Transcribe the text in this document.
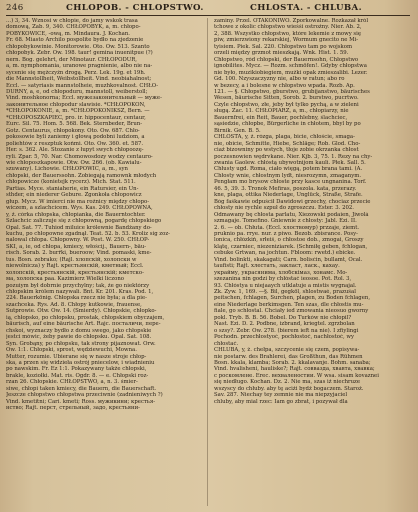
246	CHLOPOB. - CHLOPSTWO.	CHLOSTA. - CHLUBA.
...) 3, 34. Wznosi w chłopie, do jamy wskok trasa
domową, Zab. 9, 340. CHŁOPOBYK, a, m. chłopo-
POBYKOWICE, -ową, m. Mindaura. J. Kochan.
Fr. 68. Miasto Archilo pospolite bydło na zjedzenie
chłopobykowinie. Monitorowie. Oto. Ow. 513. Szanto
chłopobyk. Zebr. Ow. 198. taur! gemina inuenitpue (?)
nern. Bog. gelehrt, der Minotaur. CHŁOPODUR,
a, m. nymphomania, uranowe pragnienie, albo nie na-
sycenie się mężczyźn drogą. Perz. Lek. 19g. et 19h.
die Mannstollheit, Weibstollheit. Vind. neobiahalnost;
Eccl. — satyriasis mannstolheie, muzhkovalnost. CHŁO-
DURNY, a, e, od chłopoduru, mannstoll, weiberstoll;
Vind. moshkonorna; Eccl. мужезаконительный — муже-
законительное chłopodur slawisie. *CHŁOPOKON,
*CHŁOPOKONIE, a, m. *CHŁOPOKONIKSZ, Bern. —
*CHŁOPOSZKAPIEC, pro. ir. hippocentaur, centaur,
Eurc. Sil. 75. Hom. 5. 568. Bek. Sternbeder, Brun-
Gotz. Centaurus, chłopokony. Oto. Ow. 687. Chło-
pokosowie byli zaniemy i głową podobni ludziom, a
poliehtów z reszptuk końmi. Oto. Ow. 360. et. 587.
Her. s. 362. Ale. Stozanie z łupyt swych chłopoozę-
ryli. Zpar. 5, 70. Nar. Chomowosdozy wodzy centauro-
wie chłoposzkapowie. Otw. Ow. 266. (ob. Kawialu-
szuwany). Lichowie. CHŁOPOWIĆ, a, m., syn
chłopski, der Bauerssohn. Zobiegają ramownk młodych
chłopowicze (konietejk rycerz). Mich. Stat. 511.
Partias. Myce. staniaherie, ein Ratursier, ein Un-
sthder, ein niederer Gebure. Zgonkoła chłopowicz
głup. Mycz. W imierci nie ma rożnicy między chłopo-
wiczem, a szlachcicem. Wys. Kas. 249. CHŁOPOWNA,
y, ż. córka chłopska, chłopianka, die Bauerntochter.
Szlachcic zaliczuje się z chłopowną, pogardę chłopskiego
Opal. Sat. 77. Tuhiod miluice królewnie Bandżany do-
kuchu, po chłopowne zgadnął. Teat. 52. b. 53. Kroliz sig zoz-
nalowal chłopa. Chłopowny. W. Post. W. 250. CHŁOP-
SKI, a, ie, od chłopa, kmiecy, włościj., Bauern-, bäu-
risch. Sorab. 2. burřki, bueroow; Vind. pomaski, kme-
tus. Bosn. zebrako; (Rajl. хлопскій, холопски w
niewolnicza) y Rajt. крестьянскій, кметный; Eccl.
холопскій, крестьянскій, крестьянскій; кметско-
ма, холопска раа. Kazimierz Wielki liczono
pozuiym był dobrnie przychylny; tak, że go niektórzy
chłopskim królem nazywali. Bnt. Kr. 201. Kras. Pod. 1,
224. Bauerkönig. Chłopska rzecz nie była; a dla pie-
szachceka. Rys. Ad. 8. Chłopy kutkowie, frauense,
Sutprowie. Otw. Ow. 14. (Śmierdy). Chłopskie, chłopko-
ią, chłopsko, po chłopsku, prostak, chłopskiem obyczajem,
bäurisch, auf eine bäurische Art. Rajc. посталичи, пере-
chskoi, wyznaczy bydło z domu swego, jako chłopskie
jestci mówic, żeby pawie do chłopsku. Opal. Sat. 108.
Syn. Grobąny, po chłopsku, tak strony pijaznowat. Orw.
Ow. 1:1. Chłopski, sprost, wędziewuchi, Mowna.
Mutter, rozumie. Ubierane się w nasze stroje chłop-
ska, a przen się widzieła ostrój pniecelow, i wiadnieniu
po nawskim. Fr. Ez 1:1. Pokazywany także chłopski,
brakle, koziołki. Mat. ris. Ogdr. 8. — e. Chłopski roz-
rzan 26. Chłopskie. CHŁOPSTWO, a, n. 3. śmier-
siwe, chłopi taken kmiecy, die Bauern, die Bauerschaft.
Jeszcze chłopstwo chłopstwa przeciwnie (zadnieniwych ?)
Vind. kmetitni; Cari. kmeti; Ross. мужикини; крестья-
нство; Rajt. перст, стрельный, задо, крестьяни-
zaminy. Przel. OTAKONIWO. Zporkowalne. Rozkazał król
tchowe z okolic chłopstwo wieśśi ostrożny. Nier. Ab. 2,
2, 388. Wszystko chłopstwo, które lekemie z mowy się
piw, zmierzwiony rekarskiej, Wormum gnecito ne Mi-
tyisiem. Piek. Sal. 220. Chłopstwo tam po wojskom
orzeli między grzmot mieszkają. Wnk. Hist. 1. 59.
Chłopstwo, ród chłopski, der Bauernsohn, Chłopstwo
ignobilites. Mycz. — Rozm. schmöfen!. Gdyby chłopstwa
nie było, muzikiobiegiem, mużki opak zmieszalibi. Lezer.
Gd. 100. Nzyszaczyzny nie, albo w ratun; abo ro
w bezecy, a i bolesne w chłopstwo wpada. Rozb. Ap.
121. — §. Chłopstwo, gburstwo, grubijanstwo, bäurisches
Wesen, bäurische Sitten, Sorob. 2. burstwo, pucrtwo.
Czyle chłopstwo, złe, jeby był tylko pychą, a w zieleni
sługą. Zac. 11. CHŁOPIARZ, a, m., chłopiarzy, nie
Bauernfrei, ein Reit, Bauer, pochlebny, ślachciec,
sąsiedzie, chłopbe, Bürgerliche in chłotem, bbyl by po
Birnik. Gen. B. 5.
CHLOSTA, y, ż. rózga, plaga, bicie, chłoście, smaga-
nie, obicie, Schmitte, Hiebe, Schläge; Rob. Glod. Cho-
ciaż bizowniny po wstych, tłoje zobie okrzanka chłost
poczesnowien wędrvkane. Nier. Kjb. 3, 75. 1. Rezy na chy-
zwania Gaolew. chłóstą ubywotnijom kauli. Płek. Sall. 5.
Chłusty ugd. Roma, ciało więgą, potem brana tami. (A.
Chłosty wnie, chłostnym lydt, niesrozymn, zmaganym.
Pengłam mo brysow chłoste przy kasce ungnanina. Torf.
46. 5, 39. 3. Tronok Mefiras, poszola. kata, przerazy.
kne, plaga, ottika Niederlage, Unglück, Straße, Strafe.
Bóg faśkawie odpuścił Dawidowi grzechy, chociaz przecie
chłosty nie rychle szpuł do zgroszczu. Ester. 3. 202.
Odmawany bę chłosta parlatu, Xiezowski podaien, Jiwolá
szmagaje. Tomefino. Gniewnie z chłosty: Jabl. Ezi. II.
2. 6. — ob. Chłuta. (Eccl. хлоствомуp) przzaje, ziemt.
pruknio pa. rrye. nur. z piwo. Bezob. zbisrance. Posy-
lonica, chłózkiń, srłeiŝ, o chłostoe dob., zmogai, Groszy
klątę, czarniec, niezeniziarek. (Schmiłę geben, fchlogan,
cebuke Grtwan, na jochtun. Fbloom: rwetd.) ebicke.
Vind. bolinkti, skakagati; Carn. bolisćin, bullamt, Ocal.
taufisti; Rajt. хлестать, закласт, ласк., кахау.
украйму, украсянима, хлобскімаз, хонамс. Mo-
szezanina nin godzi by chłóstać ieosoe. Pot. Rol. 3,
93. Chłóstya u niejaaych utklatuje a mistis wygnajal.
Zk. Zyw. 1, 169. —§. Bil, gegköl, shlostwaé, prazuŝal
peitschen, fchlagen, Surchen, plagen, zu Boden fchlagen,
eine Niederlage berkimsgen. Ten szas, dle chłostis mu-
fiale, go schłostal. Chciały ied zmowania nieosuo gworny
pokl. Tryb. B. B. 56. Bobel. Do Turków nie chłopil?
Nast. Ezi. D. 2. Podbne, izbrand, kriegtel. zgrzbolan
o szsy?. Zebr. Ow. 278. (bierem ieft na nie). I zfiylingi
Pochodn. przechłostyoć, pochłostoć, nachłostoć, wy
chłostać.
CHLUBA, y, ż. chełpa, szczycenie się czem, popisywa-
nie postarw. des Brahlerei, das Großthun, das Rühmen
Bosn. kkala, klamba; Sorab. 2. kkalavanje. Bohm. sanaba;
Vind. hvalisheni, hauliske?; Rajt. соввазда, хвавта, хвавка;
с роскомлене. Erec. вехваленостии. W wsa. sisam kovaznei
się niedługo. Kochan. Dz. 2. Nie ma, szas iż niechruze
wszyscy do chłuby. aby tę aciżi bydź bogaczem. Staroż.
Sav. 287. Niechay tey zemnie nie ma niepzyjaciel
chluby, aby mial rzec: Iam go zbrat, i pozywał dla
